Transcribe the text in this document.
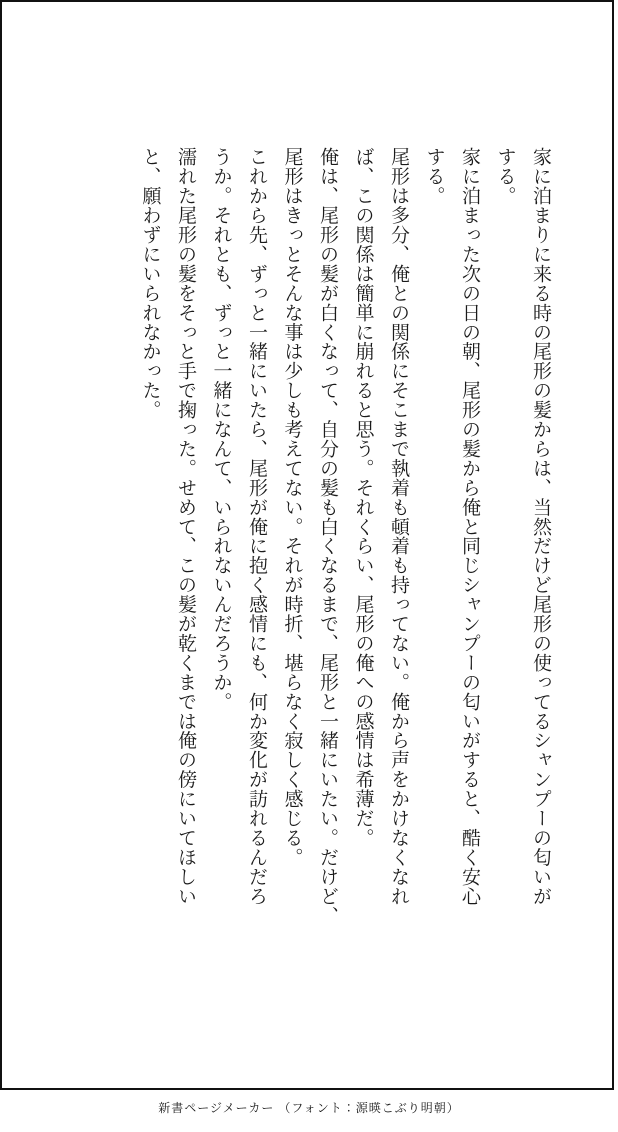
家に泊まりに来る時の尾形の髪からは、当然だけど尾形の使ってるシャンプーの匂いが

する。

家に泊まった次の日の朝、尾形の髪から俺と同じシャンプーの匂いがすると、酷く安心

する。

尾形は多分、俺との関係にそこまで執着も頓着も持ってない。俺から声をかけなくなれ

ば、この関係は簡単に崩れると思う。それくらい、尾形の俺への感情は希薄だ。

俺は、尾形の髪が白くなって、自分の髪も白くなるまで、尾形と一緒にいたい。だけど、

尾形はきっとそんな事は少しも考えてない。それが時折、堪らなく寂しく感じる。

これから先、ずっと一緒にいたら、尾形が俺に抱く感情にも、何か変化が訪れるんだろ

うか。それとも、ずっと一緒になんて、いられないんだろうか。

濡れた尾形の髪をそっと手で掬った。せめて、この髪が乾くまでは俺の傍にいてほしい

と、願わずにいられなかった。

新書ページメーカー （フォント：源暎こぶり明朝）
